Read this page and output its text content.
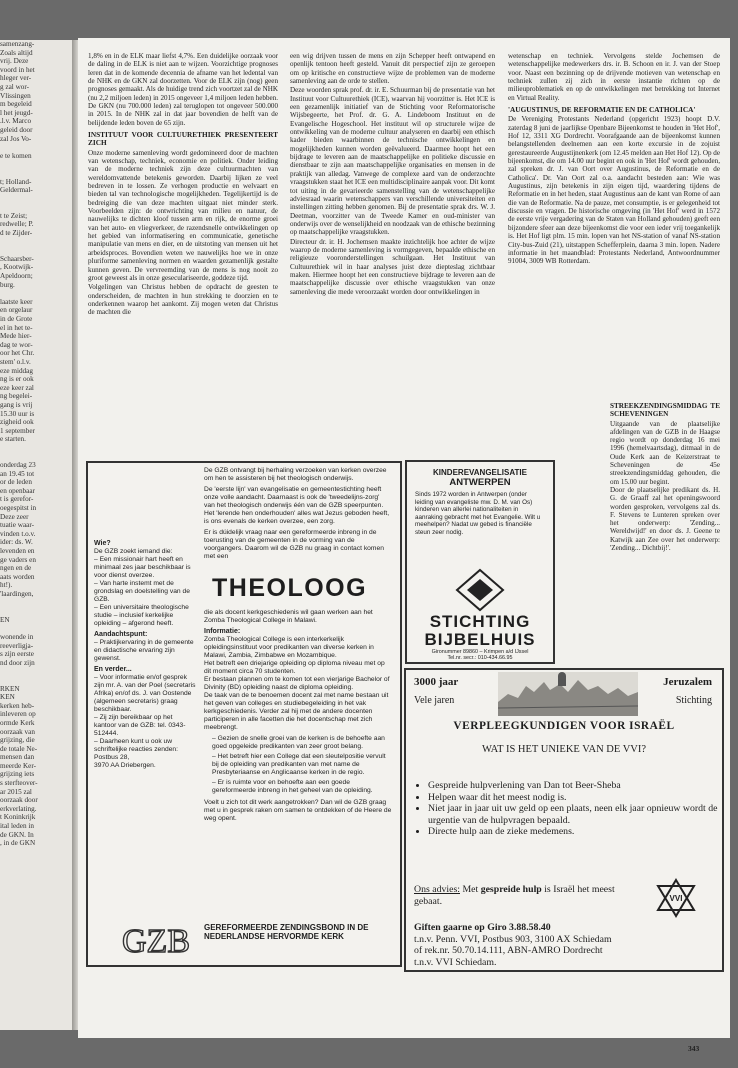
samenzang-

Zoals altijd

vrij. Deze

voord in het

hleger ver-

g zal wor-

Vlissingen

m begeleid

l het jeugd-

.l.v. Marco

geleid door

zal Jos Vo-

e te komen

t; Holland-

Geldermal-

t te Zeist;

redwelle; P.

d te Zijder-

Schaarsber-

, Kootwijk-

Apeldoorn;

burg.

laatste keer

en orgelaur

in de Grote

el in het te-

Mede hier-

dag te wor-

oor het Chr.

stem' o.l.v.

eze middag

ng is er ook

eze keer zal

ng begelei-

gang is vrij

15.30 uur is

zigheid ook

1 september

e starten.

onderdag 23

an 19.45 tot

or de leden

en openbaar

t is gerefor-

oegespitst in

Deze zeer

tuatie waar-

vinden t.o.v.

ider: ds. W.

levenden en

ge vaders en

ngen en de

aats worden

ht!).

'laardingen,

EN

wonende in

reeverligja-

s zijn eerste

nd door zijn

RKEN

KEN

kerken heb-

inleveren op

ormde Kerk

oorzaak van

grijzing, die

de totale Ne-

mensen dan

meerde Ker-

grijzing iets

s sterfteover-

ar 2015 zal

oorzaak door

erkverlating.

t Koninkrijk

ital leden in

de GKN. In

, in de GKN

1,8% en in de ELK maar liefst 4,7%. Een duidelijke oorzaak voor de daling in de ELK is niet aan te wijzen. Voorzichtige prognoses leren dat in de komende decennia de afname van het ledental van de NHK en de GKN zal doorzetten. Voor de ELK zijn (nog) geen prognoses gemaakt. Als de huidige trend zich voortzet zal de NHK (nu 2,2 miljoen leden) in 2015 ongeveer 1,4 miljoen leden hebben. De GKN (nu 700.000 leden) zal teruglopen tot ongeveer 500.000 in 2015. In de NHK zal in dat jaar bovendien de helft van de belijdende leden boven de 65 zijn.

INSTITUUT VOOR CULTUURETHIEK PRESENTEERT ZICH

Onze moderne samenleving wordt gedomineerd door de machten van wetenschap, techniek, economie en politiek. Onder leiding van de moderne techniek zijn deze cultuurmachten van wereldomvattende betekenis geworden. Daarbij lijken ze veel bedreven in te lossen. Ze verhogen productie en welvaart en bieden tal van technologische mogelijkheden. Tegelijkertijd is de bedreiging die van deze machten uitgaat niet minder sterk. Voorbeelden zijn: de ontwrichting van milieu en natuur, de nauwelijks te dichten kloof tussen arm en rijk, de enorme groei van het auto- en vliegverkeer, de razendsnelle ontwikkelingen op het gebied van informatisering en communicatie, genetische manipulatie van mens en dier, en de uitstoting van mensen uit het arbeidsproces. Bovendien weten we nauwelijks hoe we in onze pluriforme samenleving normen en waarden gezamenlijk gestalte kunnen geven. De vervreemding van de mens is nog nooit zo groot geweest als in onze geseculariseerde, goddeze tijd.

Volgelingen van Christus hebben de opdracht de geesten te onderscheiden, de machten in hun strekking te doorzien en te onderkennen waarop het aankomt. Zij mogen weten dat Christus de machten die

een wig drijven tussen de mens en zijn Schepper heeft ontwapend en openlijk tentoon heeft gesteld. Vanuit dit perspectief zijn ze geroepen om op kritische en constructieve wijze de problemen van de moderne samenleving aan de orde te stellen.

Deze woorden sprak prof. dr. ir. E. Schuurman bij de presentatie van het Instituut voor Cultuurethiek (ICE), waarvan hij voorzitter is. Het ICE is een gezamenlijk initiatief van de Stichting voor Reformatorische Wijsbegeerte, het Prof. dr. G. A. Lindeboom Instituut en de Evangelische Hogeschool. Het instituut wil op structurele wijze de ontwikkeling van de moderne cultuur analyseren en daarbij een ethisch kader bieden waarbinnen de technische ontwikkelingen en mogelijkheden kunnen worden geëvalueerd. Daarmee hoopt het een bijdrage te leveren aan de maatschappelijke en politieke discussie en dienstbaar te zijn aan maatschappelijke organisaties en mensen in de praktijk van alledag. Vanwege de complexe aard van de onderzochte vraagstukken staat het ICE een multidisciplinaire aanpak voor. Dit komt tot uiting in de gevarieerde samenstelling van de wetenschappelijke adviesraad waarin wetenschappers van verschillende universiteiten en instellingen zitting hebben genomen. Bij de presentatie sprak drs. W. J. Deetman, voorzitter van de Tweede Kamer en oud-minister van onderwijs over de wenselijkheid en noodzaak van de ethische bezinning op maatschappelijke vraagstukken.

Directeur dr. ir. H. Jochemsen maakte inzichtelijk hoe achter de wijze waarop de moderne samenleving is vormgegeven, bepaalde ethische en religieuze vooronderstellingen schuilgaan. Het Instituut van Cultuurethiek wil in haar analyses juist deze diepteslag zichtbaar maken. Hiermee hoopt het een constructieve bijdrage te leveren aan de maatschappelijke discussie over ethische vraagstukken van onze samenleving die mede veroorzaakt worden door ontwikkelingen in

wetenschap en techniek. Vervolgens stelde Jochemsen de wetenschappelijke medewerkers drs. ir. B. Schoon en ir. J. van der Stoep voor. Naast een bezinning op de drijvende motieven van wetenschap en techniek zullen zij zich in eerste instantie richten op de milieuproblematiek en op de ontwikkelingen met betrekking tot Internet en Virtual Reality.

'AUGUSTINUS, DE REFORMATIE EN DE CATHOLICA'

De Vereniging Protestants Nederland (opgericht 1923) hoopt D.V. zaterdag 8 juni de jaarlijkse Openbare Bijeenkomst te houden in 'Het Hof', Hof 12, 3311 XG Dordrecht. Voorafgaande aan de bijeenkomst kunnen belangstellenden deelnemen aan een korte excursie in de zojuist gerestaureerde Augustijnenkerk (om 12.45 melden aan Het Hof 12). Op de bijeenkomst, die om 14.00 uur begint en ook in 'Het Hof' wordt gehouden, zal spreken dr. J. van Oort over Augustinus, de Reformatie en de Catholica'. Dr. Van Oort zal o.a. aandacht besteden aan: Wie was Augustinus, zijn betekenis in zijn eigen tijd, waardering tijdens de Reformatie en in het heden, staat Augustinus aan de kant van Rome of aan die van de Reformatie. Na de pauze, met consumptie, is er gelegenheid tot discussie en vragen. De historische omgeving (in 'Het Hof' werd in 1572 de eerste vrije vergadering van de Staten van Holland gehouden) geeft een bijzondere sfeer aan deze bijeenkomst die voor een ieder vrij toegankelijk is. Het Hof ligt plm. 15 min. lopen van het NS-station of vanaf NS-station City-bus-Zuid (21), uitstappen Schefferplein, daarna 3 min. lopen. Nadere informatie in het maandblad: Protestants Nederland, Antwoordnummer 91004, 3009 WB Rotterdam.

STREEKZENDINGSMIDDAG TE SCHEVENINGEN

Uitgaande van de plaatselijke afdelingen van de GZB in de Haagse regio wordt op donderdag 16 mei 1996 (hemelvaartsdag), ditmaal in de Oude Kerk aan de Keizerstraat te Scheveningen de 45e streekzendingsmiddag gehouden, die om 15.00 uur begint.

Door de plaatselijke predikant ds. H. G. de Graaff zal het openingswoord worden gesproken, vervolgens zal ds. F. Stevens te Lunteren spreken over het onderwerp: 'Zending... Wereldwijd!' en door ds. J. Geene te Katwijk aan Zee over het onderwerp: 'Zending... Dichtbij!'.

Wie?

De GZB zoekt iemand die:
– Een missionair hart heeft en minimaal zes jaar beschikbaar is voor dienst overzee.
– Van harte instemt met de grondslag en doelstelling van de GZB.
– Een universitaire theologische studie – inclusief kerkelijke opleiding – afgerond heeft.

Aandachtspunt:

– Praktijkervaring in de gemeente en didactische ervaring zijn gewenst.

En verder...

– Voor informatie en/of gesprek zijn mr. A. van der Poel (secretaris Afrika) en/of ds. J. van Oostende (algemeen secretaris) graag beschikbaar.
– Zij zijn bereikbaar op het kantoor van de GZB: tel. 0343-512444.
– Daarheen kunt u ook uw schriftelijke reacties zenden:
Postbus 28,
3970 AA Driebergen.

De GZB ontvangt bij herhaling verzoeken van kerken overzee om hen te assisteren bij het theologisch onderwijs.

De 'eerste lijn' van evangelisatie en gemeentestichting heeft onze volle aandacht. Daarnaast is ook de 'tweedelijns-zorg' van het theologisch onderwijs één van de GZB speerpunten. Het 'lerende hen onderhouden' alles wat Jezus geboden heeft, is ons evenals de kerken overzee, een zorg.

Er is dúidelijk vraag naar een gereformeerde inbreng in de toerusting van de gemeenten in de vorming van de voorgangers. Daarom wil de GZB nu graag in contact komen met een

THEOLOOG

die als docent kerkgeschiedenis wil gaan werken aan het Zomba Theological College in Malawi.

Informatie:

Zomba Theological College is een interkerkelijk opleidingsinstituut voor predikanten van diverse kerken in Malawi, Zambia, Zimbabwe en Mozambique.
Het betreft een driejarige opleiding op diploma niveau met op dit moment circa 70 studenten.
Er bestaan plannen om te komen tot een vierjarige Bachelor of Divinity (BD) opleiding naast de diploma opleiding.
De taak van de te benoemen docent zal met name bestaan uit het geven van colleges en studiebegeleiding in het vak kerkgeschiedenis. Verder zal hij met de andere docenten participeren in alle facetten die het docentschap met zich meebrengt.

– Gezien de snelle groei van de kerken is de behoefte aan goed opgeleide predikanten van zeer groot belang.

– Het betreft hier een College dat een sleutelpositie vervult bij de opleiding van predikanten van met name de Presbyteriaanse en Anglicaanse kerken in de regio.

– Er is ruimte voor en behoefte aan een goede gereformeerde inbreng in het geheel van de opleiding.

Voelt u zich tot dit werk aangetrokken? Dan wil de GZB graag met u in gesprek raken om samen te ontdekken of de Heere de weg opent.

GZB GEREFORMEERDE ZENDINGSBOND IN DE NEDERLANDSE HERVORMDE KERK
KINDEREVANGELISATIE
ANTWERPEN
Sinds 1972 worden in Antwerpen (onder leiding van evangeliste mw. D. M. van Os) kinderen van allerlei nationaliteiten in aanraking gebracht met het Evangelie. Wilt u meehelpen? Nadat uw gebed is financiële steun zeer nodig.
STICHTING
BIJBELHUIS
Gironummer 89860 – Krimpen a/d IJssel
Tel.nr. secr.: 010-434.66.95
3000 jaar
Vele jaren
Jeruzalem
Stichting
VERPLEEGKUNDIGEN VOOR ISRAËL
WAT IS HET UNIEKE VAN DE VVI?
• Gespreide hulpverlening van Dan tot Beer-Sheba
• Helpen waar dit het meest nodig is.
• Niet jaar in jaar uit uw geld op een plaats, neen elk jaar opnieuw wordt de urgentie van de hulpvragen bepaald.
• Directe hulp aan de zieke medemens.
Ons advies: Met gespreide hulp is Israël het meest gebaat.	VVI
Giften gaarne op Giro 3.88.58.40
t.n.v. Penn. VVI, Postbus 903, 3100 AX Schiedam
of rek.nr. 50.70.14.111, ABN-AMRO Dordrecht
t.n.v. VVI Schiedam.
343
